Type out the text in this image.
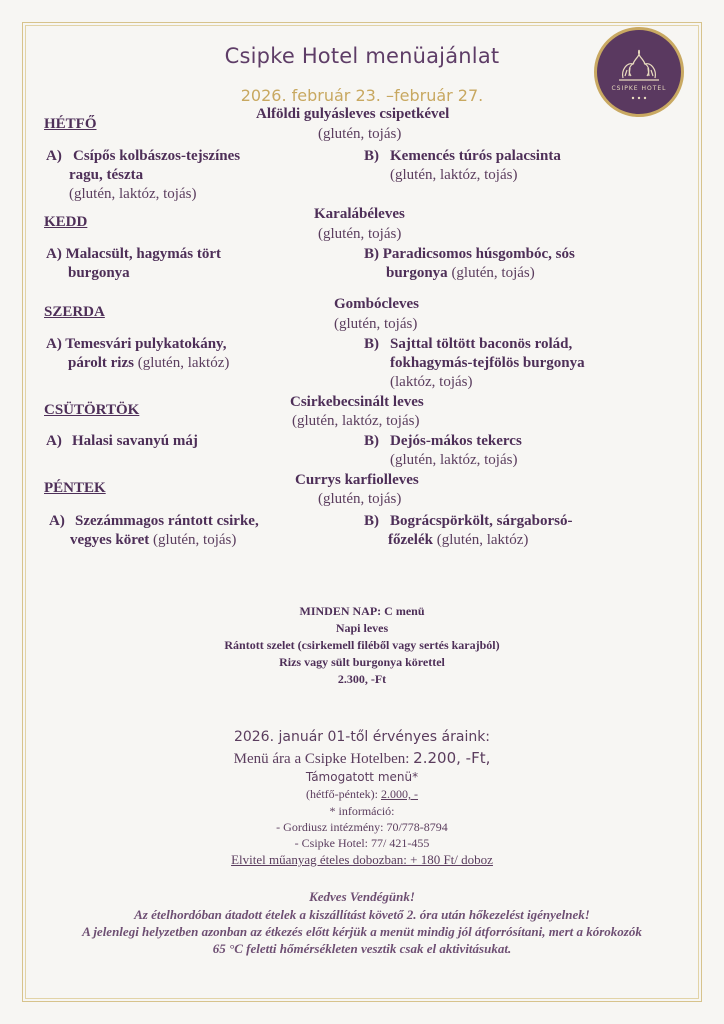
Csipke Hotel menüajánlat
2026. február 23. –február 27.	CSIPKE HOTEL
HÉTFŐ
Alföldi gulyásleves csipetkével
(glutén, tojás)
A) Csípős kolbászos-tejszínes
ragu, tészta
(glutén, laktóz, tojás)
B) Kemencés túrós palacsinta
(glutén, laktóz, tojás)
KEDD	Karalábéleves
(glutén, tojás)
A) Malacsült, hagymás tört
burgonya
B) Paradicsomos húsgombóc, sós
burgonya (glutén, tojás)
SZERDA	Gombócleves
(glutén, tojás)
A) Temesvári pulykatokány,
párolt rizs (glutén, laktóz)
B) Sajttal töltött baconös rolád,
fokhagymás-tejfölös burgonya
(laktóz, tojás)
CSÜTÖRTÖK	Csirkebecsinált leves
(glutén, laktóz, tojás)
A) Halasi savanyú máj	B) Dejós-mákos tekercs
(glutén, laktóz, tojás)
PÉNTEK	Currys karfiolleves
(glutén, tojás)
A) Szezámmagos rántott csirke,
vegyes köret (glutén, tojás)
B) Bográcspörkölt, sárgaborsó-
főzelék (glutén, laktóz)
MINDEN NAP: C menü
Napi leves
Rántott szelet (csirkemell filéből vagy sertés karajból)
Rizs vagy sült burgonya körettel
2.300, -Ft
2026. január 01-től érvényes áraink:
Menü ára a Csipke Hotelben: 2.200, -Ft,
Támogatott menü*
(hétfő-péntek): 2.000, -
* információ:
- Gordiusz intézmény: 70/778-8794
- Csipke Hotel: 77/ 421-455
Elvitel műanyag ételes dobozban: + 180 Ft/ doboz
Kedves Vendégünk!
Az ételhordóban átadott ételek a kiszállítást követő 2. óra után hőkezelést igényelnek!
A jelenlegi helyzetben azonban az étkezés előtt kérjük a menüt mindig jól átforrósítani, mert a kórokozók
65 °C feletti hőmérsékleten vesztik csak el aktivitásukat.
